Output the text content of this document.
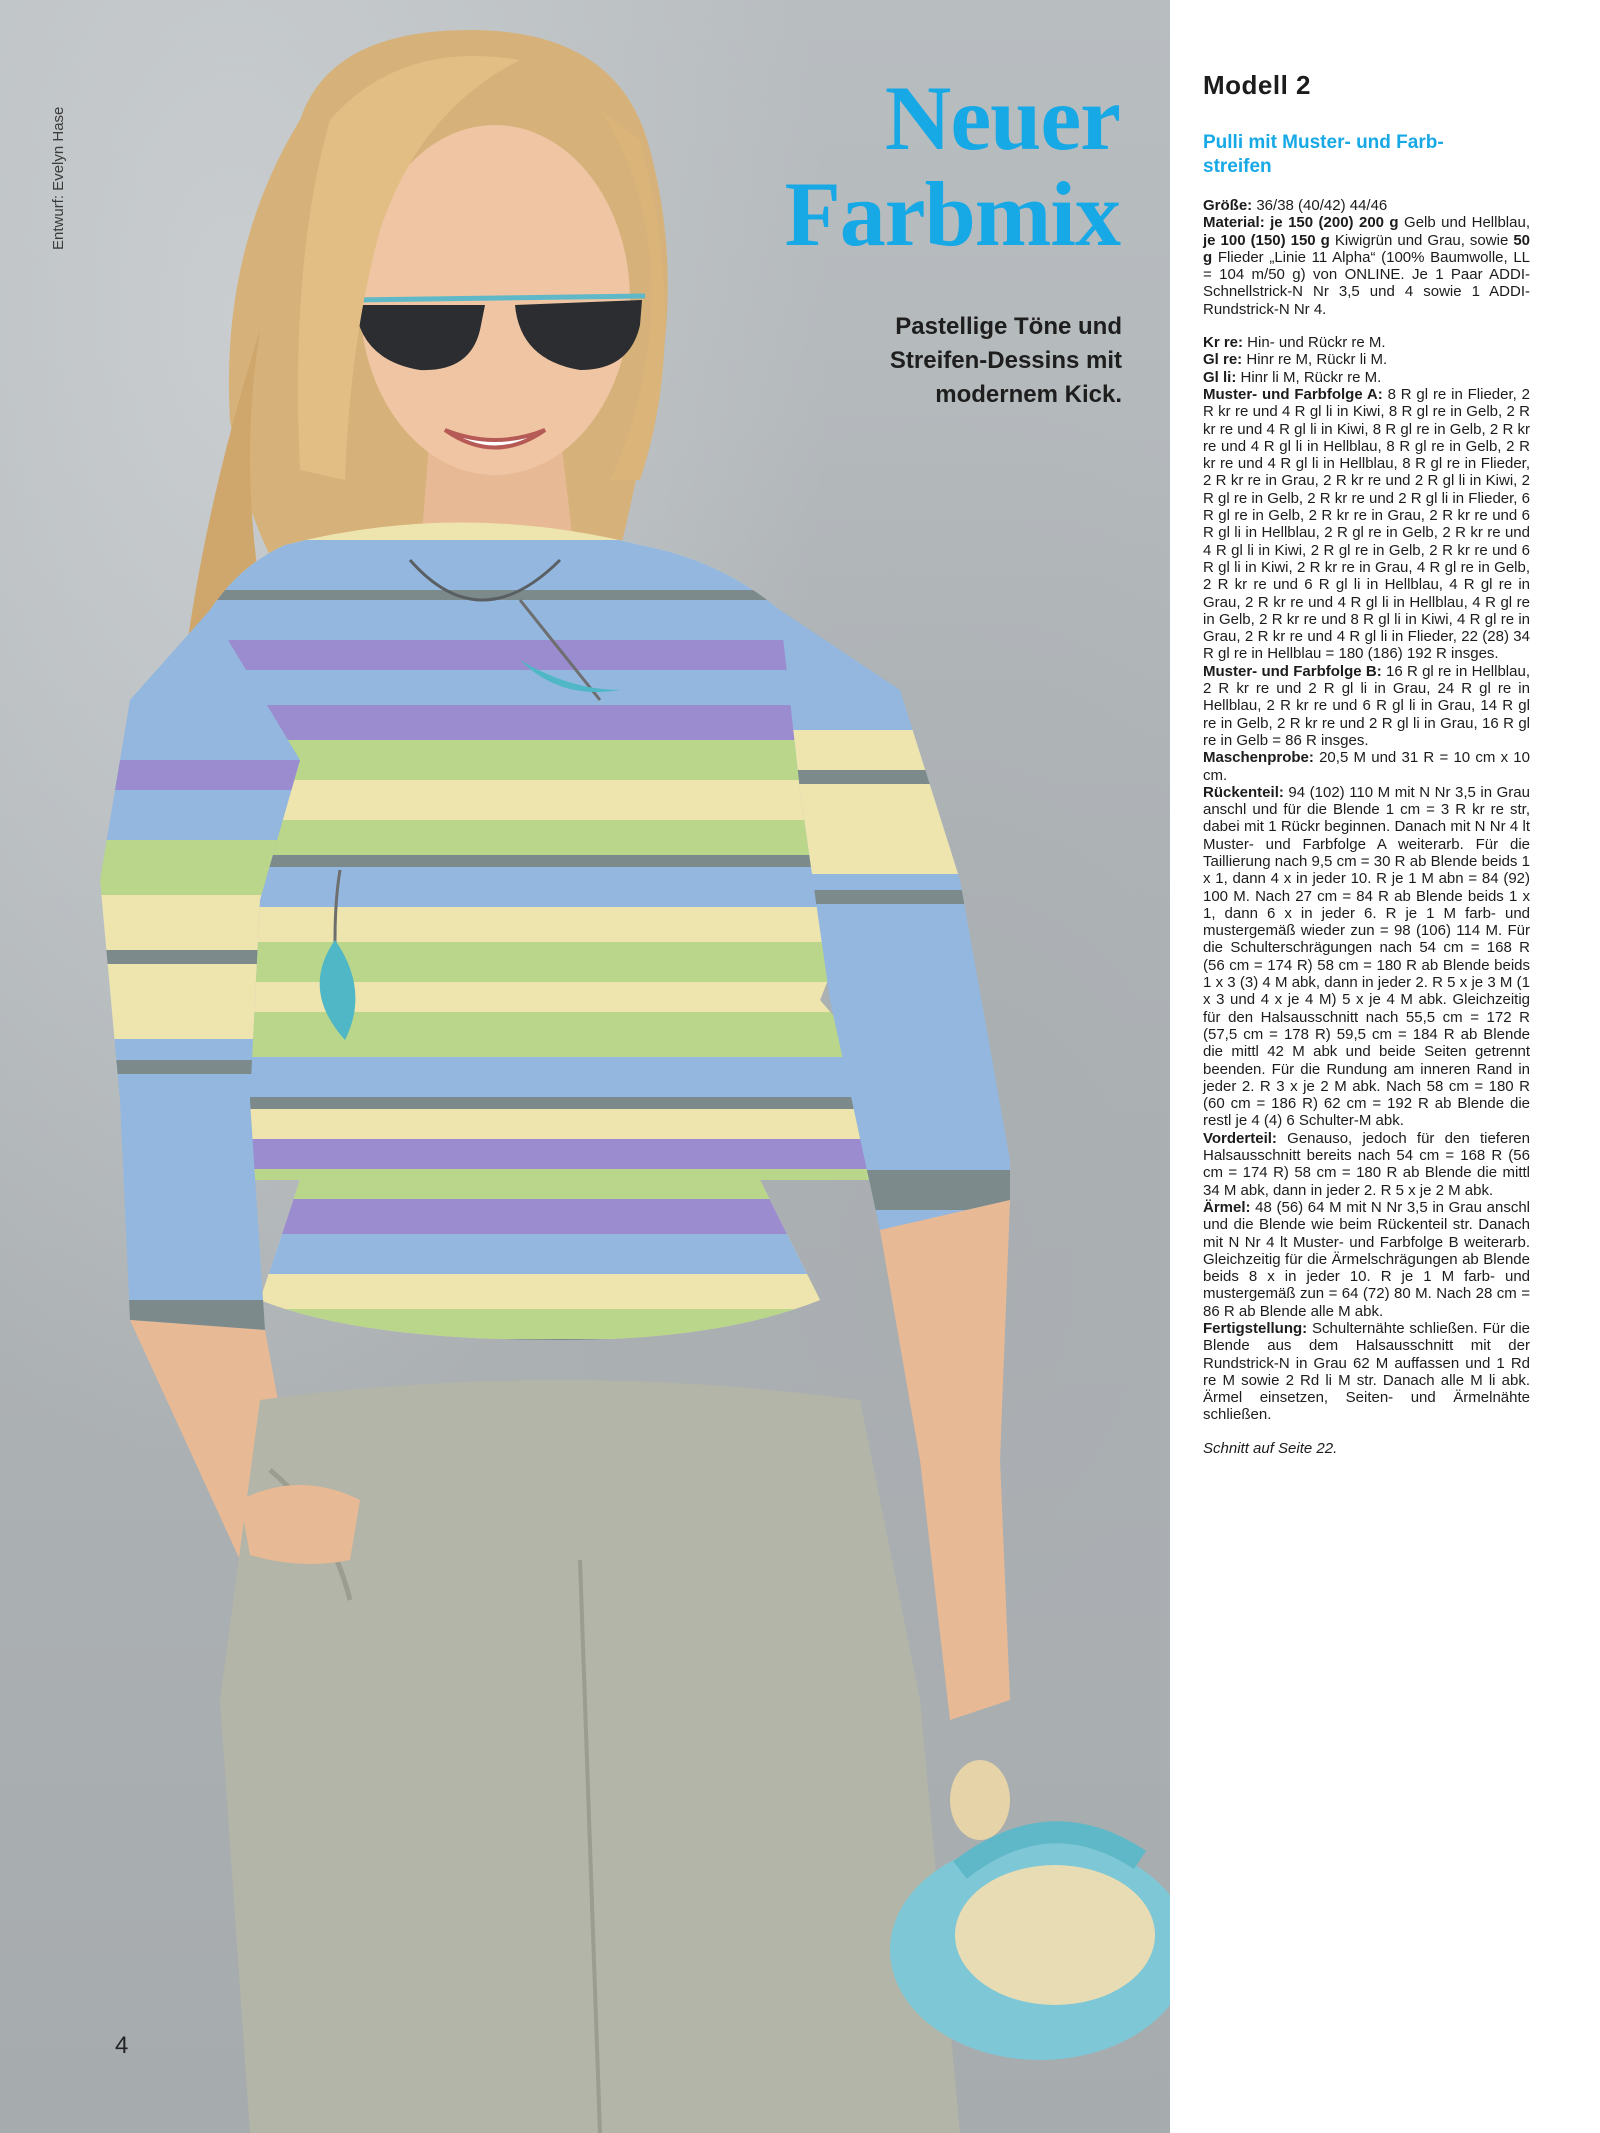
Entwurf: Evelyn Hase	Neuer
Farbmix
Pastellige Töne und
Streifen-Dessins mit
modernem Kick.
4
Modell 2
Pulli mit Muster- und Farb-
streifen
Größe: 36/38 (40/42) 44/46
Material: je 150 (200) 200 g Gelb und Hellblau, je 100 (150) 150 g Kiwigrün und Grau, sowie 50 g Flieder „Linie 11 Alpha“ (100% Baumwolle, LL = 104 m/50 g) von ONLINE. Je 1 Paar ADDI-Schnellstrick-N Nr 3,5 und 4 sowie 1 ADDI-Rundstrick-N Nr 4.
Kr re: Hin- und Rückr re M.
Gl re: Hinr re M, Rückr li M.
Gl li: Hinr li M, Rückr re M.
Muster- und Farbfolge A: 8 R gl re in Flieder, 2 R kr re und 4 R gl li in Kiwi, 8 R gl re in Gelb, 2 R kr re und 4 R gl li in Kiwi, 8 R gl re in Gelb, 2 R kr re und 4 R gl li in Hellblau, 8 R gl re in Gelb, 2 R kr re und 4 R gl li in Hellblau, 8 R gl re in Flieder, 2 R kr re in Grau, 2 R kr re und 2 R gl li in Kiwi, 2 R gl re in Gelb, 2 R kr re und 2 R gl li in Flieder, 6 R gl re in Gelb, 2 R kr re in Grau, 2 R kr re und 6 R gl li in Hellblau, 2 R gl re in Gelb, 2 R kr re und 4 R gl li in Kiwi, 2 R gl re in Gelb, 2 R kr re und 6 R gl li in Kiwi, 2 R kr re in Grau, 4 R gl re in Gelb, 2 R kr re und 6 R gl li in Hellblau, 4 R gl re in Grau, 2 R kr re und 4 R gl li in Hellblau, 4 R gl re in Gelb, 2 R kr re und 8 R gl li in Kiwi, 4 R gl re in Grau, 2 R kr re und 4 R gl li in Flieder, 22 (28) 34 R gl re in Hellblau = 180 (186) 192 R insges.
Muster- und Farbfolge B: 16 R gl re in Hellblau, 2 R kr re und 2 R gl li in Grau, 24 R gl re in Hellblau, 2 R kr re und 6 R gl li in Grau, 14 R gl re in Gelb, 2 R kr re und 2 R gl li in Grau, 16 R gl re in Gelb = 86 R insges.
Maschenprobe: 20,5 M und 31 R = 10 cm x 10 cm.
Rückenteil: 94 (102) 110 M mit N Nr 3,5 in Grau anschl und für die Blende 1 cm = 3 R kr re str, dabei mit 1 Rückr beginnen. Danach mit N Nr 4 lt Muster- und Farbfolge A weiterarb. Für die Taillierung nach 9,5 cm = 30 R ab Blende beids 1 x 1, dann 4 x in jeder 10. R je 1 M abn = 84 (92) 100 M. Nach 27 cm = 84 R ab Blende beids 1 x 1, dann 6 x in jeder 6. R je 1 M farb- und mustergemäß wieder zun = 98 (106) 114 M. Für die Schulterschrägungen nach 54 cm = 168 R (56 cm = 174 R) 58 cm = 180 R ab Blende beids 1 x 3 (3) 4 M abk, dann in jeder 2. R 5 x je 3 M (1 x 3 und 4 x je 4 M) 5 x je 4 M abk. Gleichzeitig für den Halsausschnitt nach 55,5 cm = 172 R (57,5 cm = 178 R) 59,5 cm = 184 R ab Blende die mittl 42 M abk und beide Seiten getrennt beenden. Für die Rundung am inneren Rand in jeder 2. R 3 x je 2 M abk. Nach 58 cm = 180 R (60 cm = 186 R) 62 cm = 192 R ab Blende die restl je 4 (4) 6 Schulter-M abk.
Vorderteil: Genauso, jedoch für den tieferen Halsausschnitt bereits nach 54 cm = 168 R (56 cm = 174 R) 58 cm = 180 R ab Blende die mittl 34 M abk, dann in jeder 2. R 5 x je 2 M abk.
Ärmel: 48 (56) 64 M mit N Nr 3,5 in Grau anschl und die Blende wie beim Rückenteil str. Danach mit N Nr 4 lt Muster- und Farbfolge B weiterarb. Gleichzeitig für die Ärmelschrägungen ab Blende beids 8 x in jeder 10. R je 1 M farb- und mustergemäß zun = 64 (72) 80 M. Nach 28 cm = 86 R ab Blende alle M abk.
Fertigstellung: Schulternähte schließen. Für die Blende aus dem Halsausschnitt mit der Rundstrick-N in Grau 62 M auffassen und 1 Rd re M sowie 2 Rd li M str. Danach alle M li abk. Ärmel einsetzen, Seiten- und Ärmelnähte schließen.
Schnitt auf Seite 22.
